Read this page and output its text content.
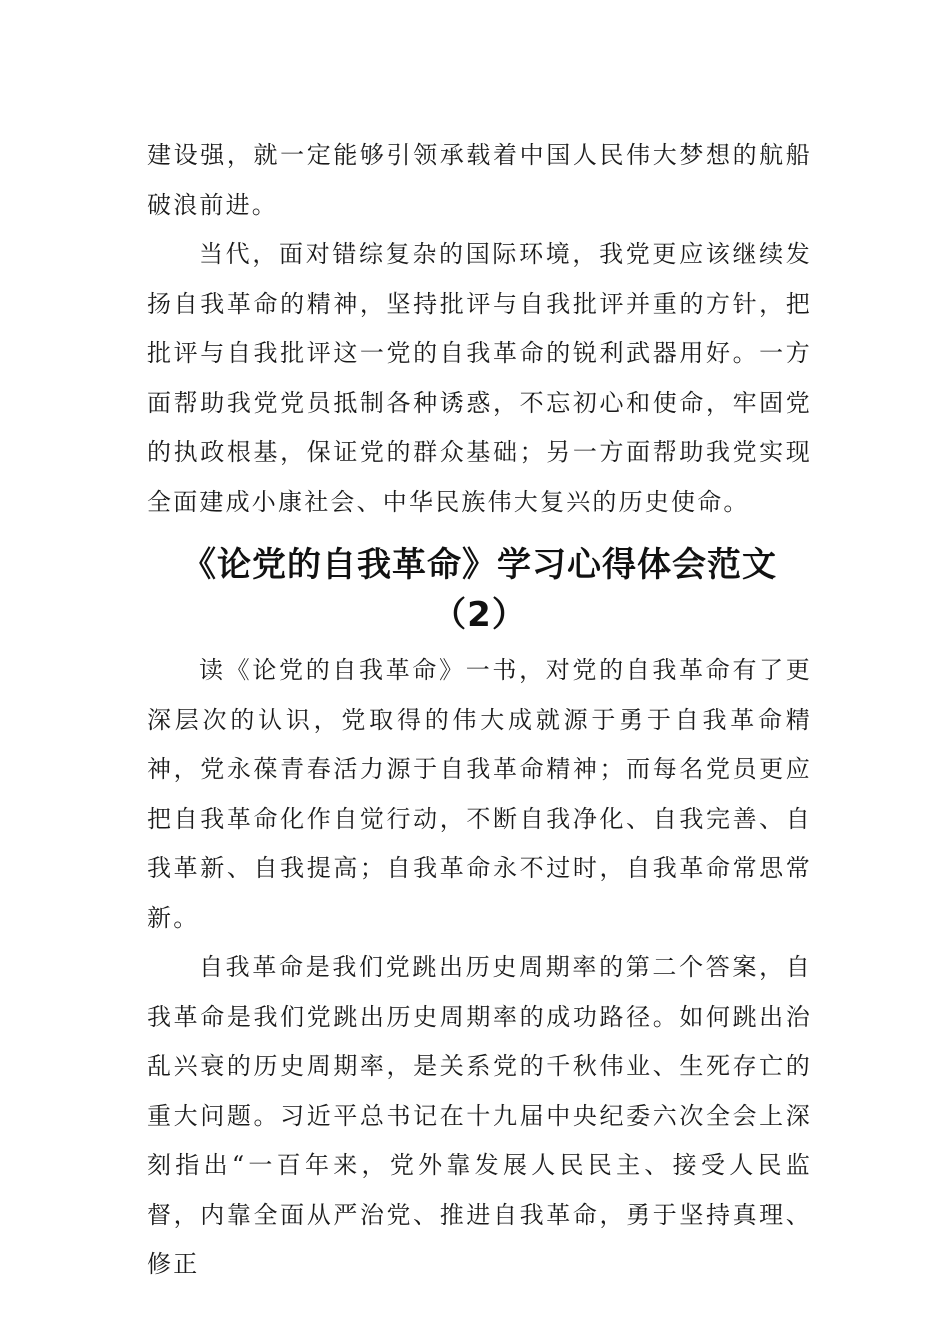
建设强，就一定能够引领承载着中国人民伟大梦想的航船破浪前进。

当代，面对错综复杂的国际环境，我党更应该继续发扬自我革命的精神，坚持批评与自我批评并重的方针，把批评与自我批评这一党的自我革命的锐利武器用好。一方面帮助我党党员抵制各种诱惑，不忘初心和使命，牢固党的执政根基，保证党的群众基础；另一方面帮助我党实现全面建成小康社会、中华民族伟大复兴的历史使命。

《论党的自我革命》学习心得体会范文
（2）

读《论党的自我革命》一书，对党的自我革命有了更深层次的认识，党取得的伟大成就源于勇于自我革命精神，党永葆青春活力源于自我革命精神；而每名党员更应把自我革命化作自觉行动，不断自我净化、自我完善、自我革新、自我提高；自我革命永不过时，自我革命常思常新。

自我革命是我们党跳出历史周期率的第二个答案，自我革命是我们党跳出历史周期率的成功路径。如何跳出治乱兴衰的历史周期率，是关系党的千秋伟业、生死存亡的重大问题。习近平总书记在十九届中央纪委六次全会上深刻指出“一百年来，党外靠发展人民民主、接受人民监督，内靠全面从严治党、推进自我革命，勇于坚持真理、修正
